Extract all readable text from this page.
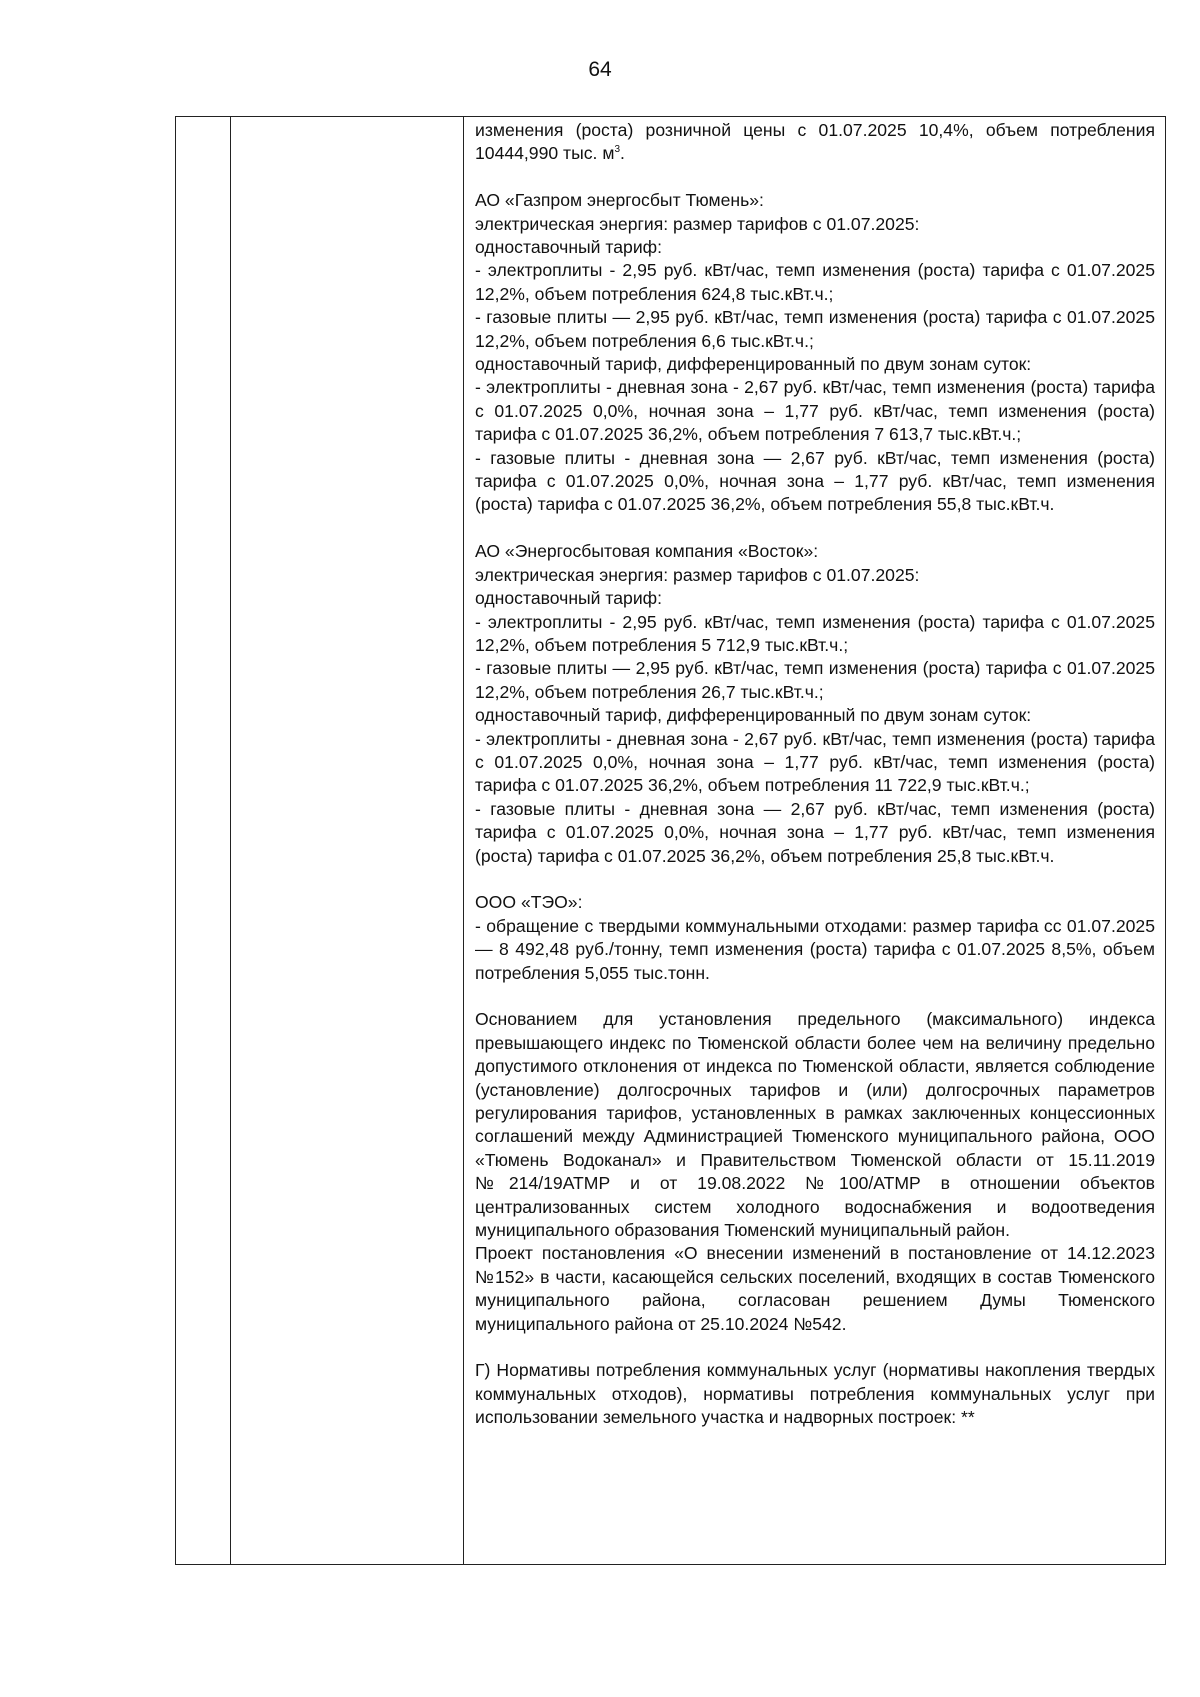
64

изменения (роста) розничной цены с 01.07.2025 10,4%, объем потребления 10444,990 тыс. $м^3$.

АО «Газпром энергосбыт Тюмень»:

электрическая энергия: размер тарифов с 01.07.2025:

одноставочный тариф:

- электроплиты - 2,95 руб. кВт/час, темп изменения (роста) тарифа с 01.07.2025 12,2%, объем потребления 624,8 тыс.кВт.ч.;

- газовые плиты — 2,95 руб. кВт/час, темп изменения (роста) тарифа с 01.07.2025 12,2%, объем потребления 6,6 тыс.кВт.ч.;

одноставочный тариф, дифференцированный по двум зонам суток:

- электроплиты - дневная зона - 2,67 руб. кВт/час, темп изменения (роста) тарифа с 01.07.2025 0,0%, ночная зона – 1,77 руб. кВт/час, темп изменения (роста) тарифа с 01.07.2025 36,2%, объем потребления 7 613,7 тыс.кВт.ч.;

- газовые плиты - дневная зона — 2,67 руб. кВт/час, темп изменения (роста) тарифа с 01.07.2025 0,0%, ночная зона – 1,77 руб. кВт/час, темп изменения (роста) тарифа с 01.07.2025 36,2%, объем потребления 55,8 тыс.кВт.ч.

АО «Энергосбытовая компания «Восток»:

электрическая энергия: размер тарифов с 01.07.2025:

одноставочный тариф:

- электроплиты - 2,95 руб. кВт/час, темп изменения (роста) тарифа с 01.07.2025 12,2%, объем потребления 5 712,9 тыс.кВт.ч.;

- газовые плиты — 2,95 руб. кВт/час, темп изменения (роста) тарифа с 01.07.2025 12,2%, объем потребления 26,7 тыс.кВт.ч.;

одноставочный тариф, дифференцированный по двум зонам суток:

- электроплиты - дневная зона - 2,67 руб. кВт/час, темп изменения (роста) тарифа с 01.07.2025 0,0%, ночная зона – 1,77 руб. кВт/час, темп изменения (роста) тарифа с 01.07.2025 36,2%, объем потребления 11 722,9 тыс.кВт.ч.;

- газовые плиты - дневная зона — 2,67 руб. кВт/час, темп изменения (роста) тарифа с 01.07.2025 0,0%, ночная зона – 1,77 руб. кВт/час, темп изменения (роста) тарифа с 01.07.2025 36,2%, объем потребления 25,8 тыс.кВт.ч.

ООО «ТЭО»:

- обращение с твердыми коммунальными отходами: размер тарифа сс 01.07.2025 — 8 492,48 руб./тонну, темп изменения (роста) тарифа с 01.07.2025 8,5%, объем потребления 5,055 тыс.тонн.

Основанием для установления предельного (максимального) индекса превышающего индекс по Тюменской области более чем на величину предельно допустимого отклонения от индекса по Тюменской области, является соблюдение (установление) долгосрочных тарифов и (или) долгосрочных параметров регулирования тарифов, установленных в рамках заключенных концессионных соглашений между Администрацией Тюменского муниципального района, ООО «Тюмень Водоканал» и Правительством Тюменской области от 15.11.2019 №214/19АТМР и от 19.08.2022 №100/АТМР в отношении объектов централизованных систем холодного водоснабжения и водоотведения муниципального образования Тюменский муниципальный район.

Проект постановления «О внесении изменений в постановление от 14.12.2023 №152» в части, касающейся сельских поселений, входящих в состав Тюменского муниципального района, согласован решением Думы Тюменского муниципального района от 25.10.2024 №542.

Г) Нормативы потребления коммунальных услуг (нормативы накопления твердых коммунальных отходов), нормативы потребления коммунальных услуг при использовании земельного участка и надворных построек: **
